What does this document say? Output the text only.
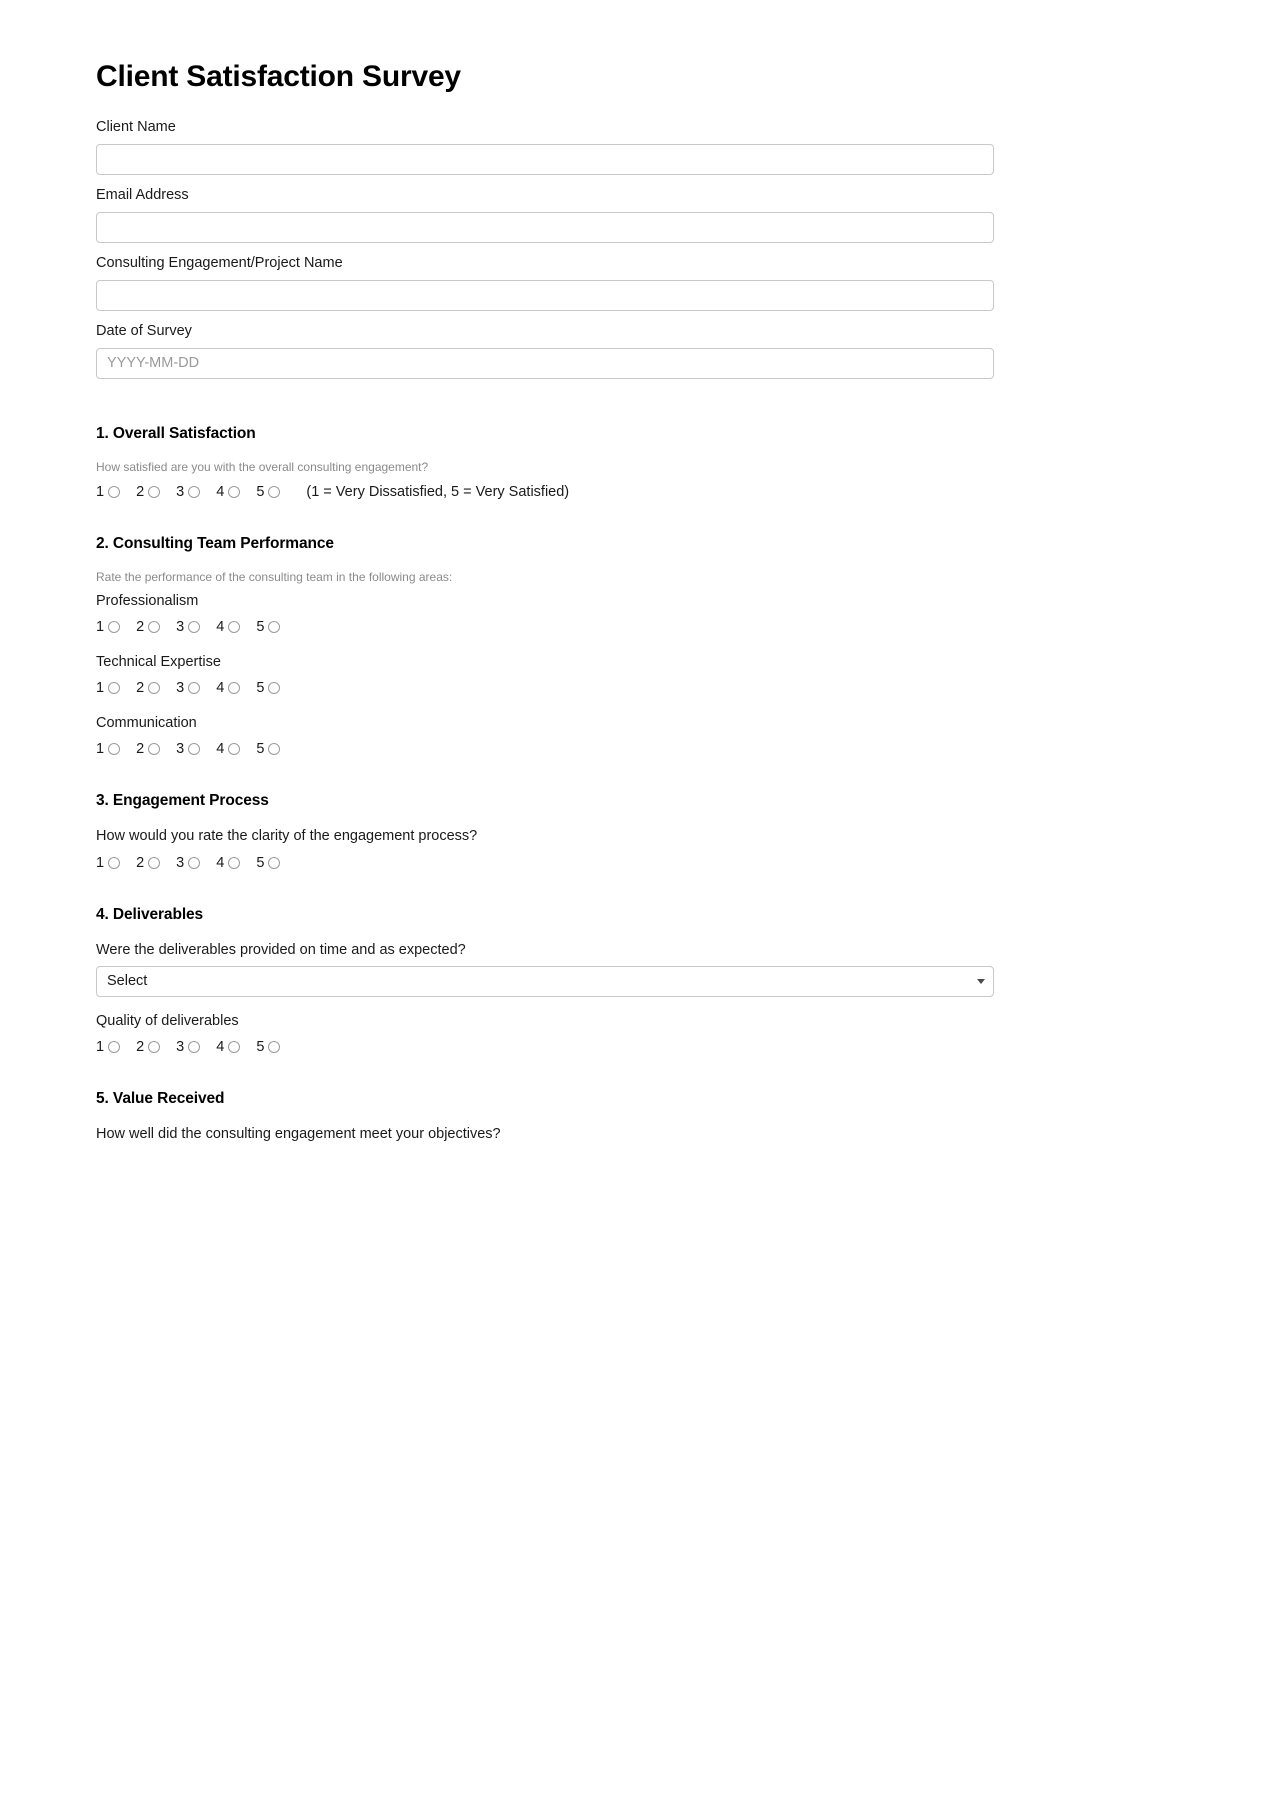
Client Satisfaction Survey
Client Name
Email Address
Consulting Engagement/Project Name
Date of Survey
YYYY-MM-DD
1. Overall Satisfaction
How satisfied are you with the overall consulting engagement?
1 2 3 4 5	(1 = Very Dissatisfied, 5 = Very Satisfied)
2. Consulting Team Performance
Rate the performance of the consulting team in the following areas:
Professionalism
1 2 3 4 5
Technical Expertise
1 2 3 4 5
Communication
1 2 3 4 5
3. Engagement Process
How would you rate the clarity of the engagement process?
1 2 3 4 5
4. Deliverables
Were the deliverables provided on time and as expected?
Select
Quality of deliverables
1 2 3 4 5
5. Value Received
How well did the consulting engagement meet your objectives?
